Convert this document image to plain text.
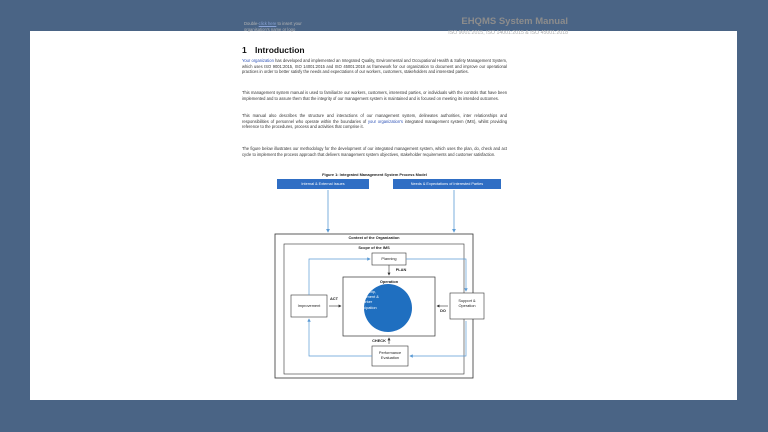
Double-click here to insert your
organisation's name or logo
EHQMS System Manual
ISO 9001:2015, ISO 14001:2015 & ISO 45001:2018
1 Introduction
Your organization has developed and implemented an Integrated Quality, Environmental and Occupational Health & Safety Management System, which uses ISO 9001:2015, ISO 14001:2015 and ISO 45001:2018 as framework for our organization to document and improve our operational practices in order to better satisfy the needs and expectations of our workers, customers, stakeholders and interested parties.
This management system manual is used to familiarize our workers, customers, interested parties, or individuals with the controls that have been implemented and to assure them that the integrity of our management system is maintained and is focused on meeting its intended outcomes.
This manual also describes the structure and interactions of our management system, delineates authorities, inter relationships and responsibilities of personnel who operate within the boundaries of your organization's integrated management system (IMS), whilst providing reference to the procedures, process and activities that comprise it.
The figure below illustrates our methodology for the development of our integrated management system, which uses the plan, do, check and act cycle to implement the process approach that delivers management system objectives, stakeholder requirements and customer satisfaction.
Figure 1: Integrated Management System Process Model
Internal & External Issues	Needs & Expectations of Interested Parties
Context of the Organization
Scope of the IMS
Planning
PLAN
Operation
Leadership,
Commitment &
Worker
Participation
Improvement
ACT	Support &
Operation
DO
CHECK
Performance
Evaluation
